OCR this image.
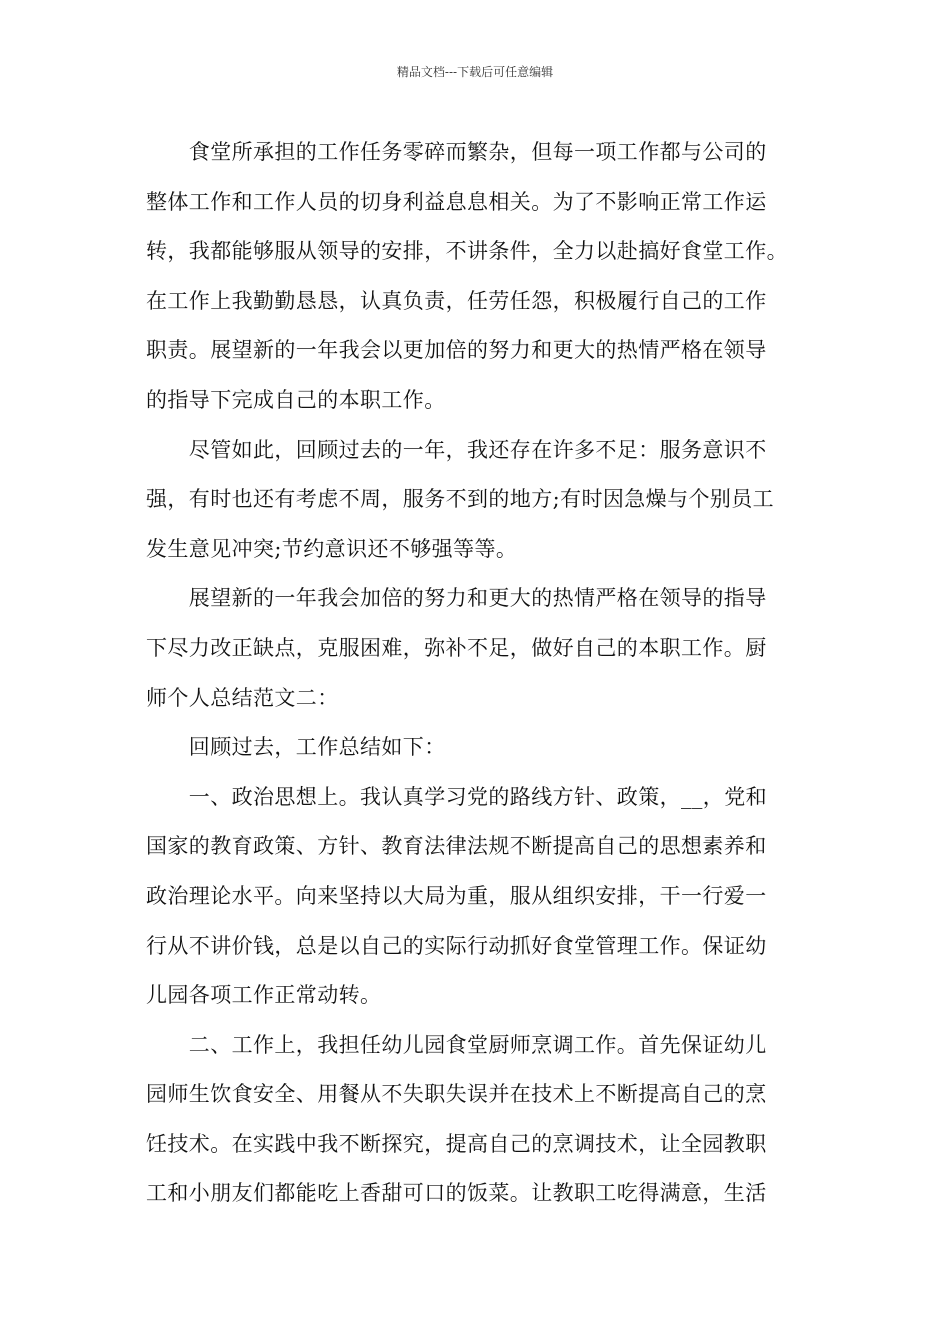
精品文档---下载后可任意编辑
　　食堂所承担的工作任务零碎而繁杂，但每一项工作都与公司的
整体工作和工作人员的切身利益息息相关。为了不影响正常工作运
转，我都能够服从领导的安排，不讲条件，全力以赴搞好食堂工作。
在工作上我勤勤恳恳，认真负责，任劳任怨，积极履行自己的工作
职责。展望新的一年我会以更加倍的努力和更大的热情严格在领导
的指导下完成自己的本职工作。
　　尽管如此，回顾过去的一年，我还存在许多不足：服务意识不
强，有时也还有考虑不周，服务不到的地方;有时因急燥与个别员工
发生意见冲突;节约意识还不够强等等。
　　展望新的一年我会加倍的努力和更大的热情严格在领导的指导
下尽力改正缺点，克服困难，弥补不足，做好自己的本职工作。厨
师个人总结范文二：
　　回顾过去，工作总结如下：
　　一、政治思想上。我认真学习党的路线方针、政策，__，党和
国家的教育政策、方针、教育法律法规不断提高自己的思想素养和
政治理论水平。向来坚持以大局为重，服从组织安排，干一行爱一
行从不讲价钱，总是以自己的实际行动抓好食堂管理工作。保证幼
儿园各项工作正常动转。
　　二、工作上，我担任幼儿园食堂厨师烹调工作。首先保证幼儿
园师生饮食安全、用餐从不失职失误并在技术上不断提高自己的烹
饪技术。在实践中我不断探究，提高自己的烹调技术，让全园教职
工和小朋友们都能吃上香甜可口的饭菜。让教职工吃得满意，生活
